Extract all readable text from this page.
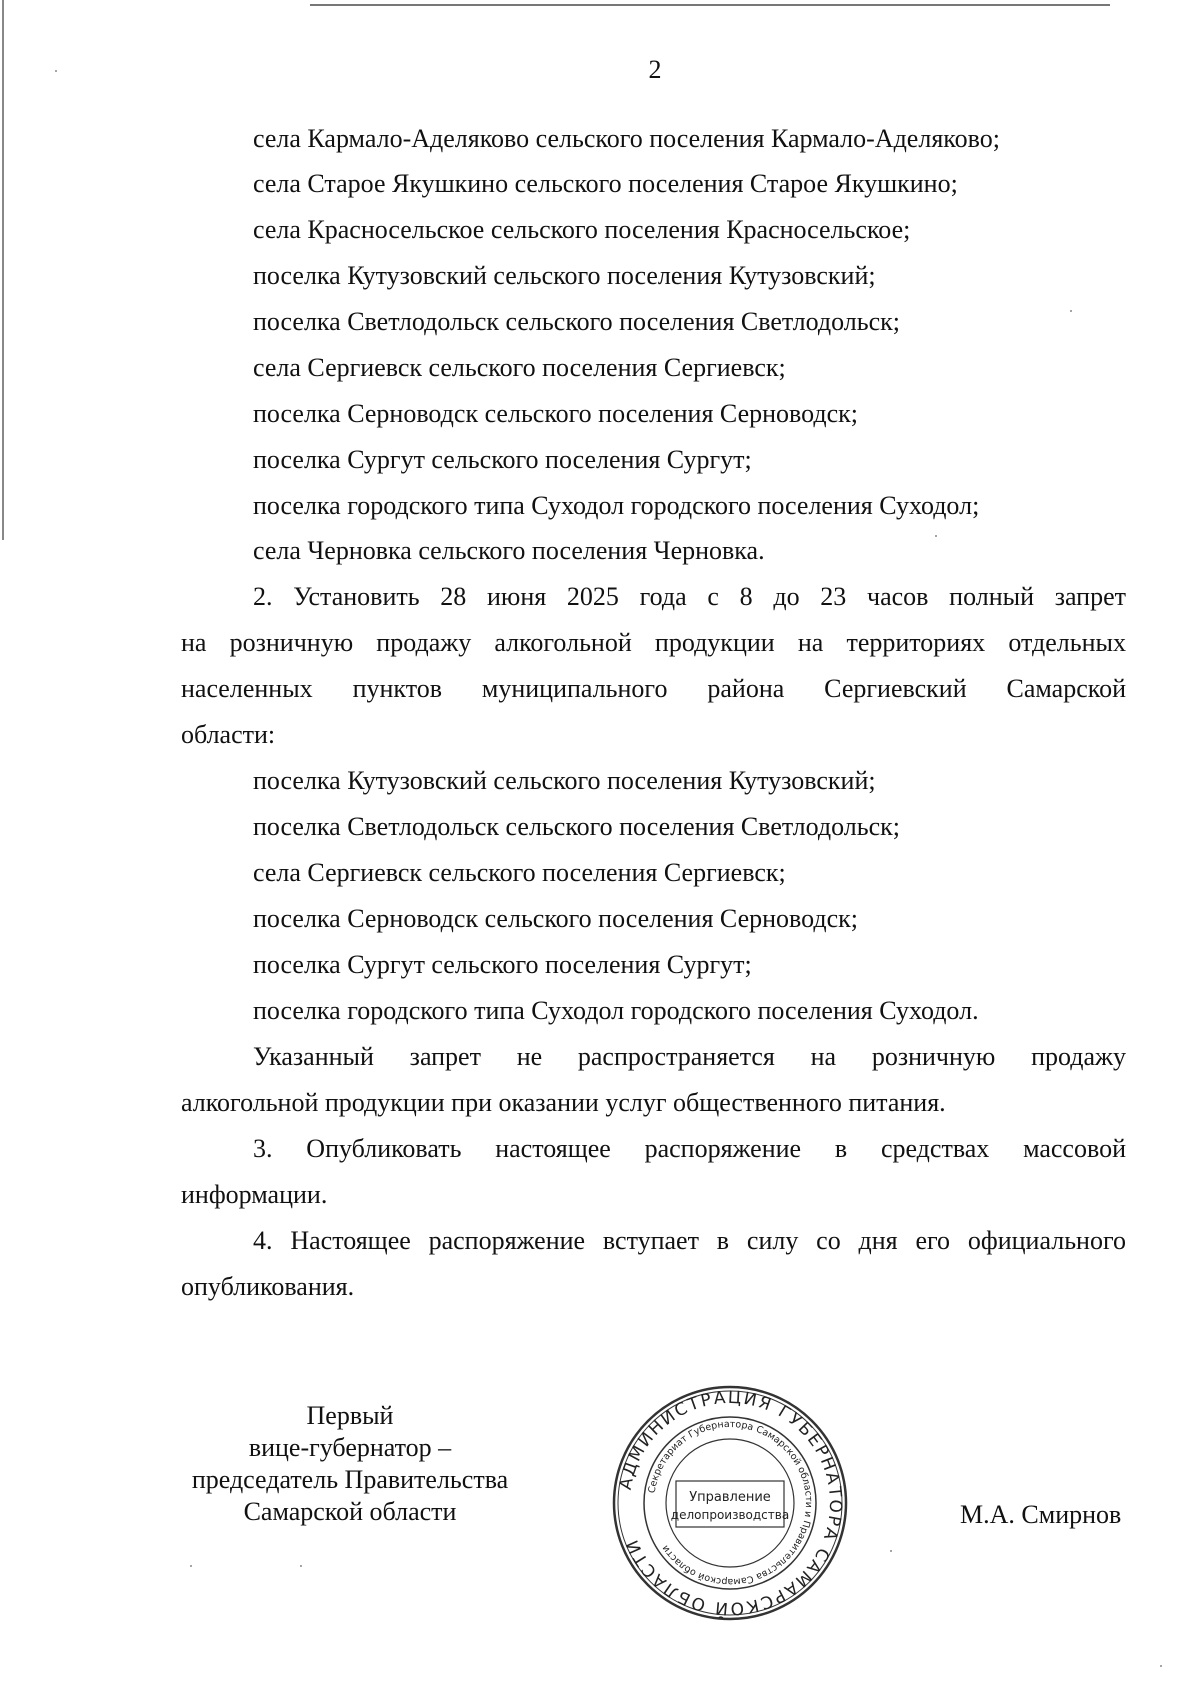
2
села Кармало-Аделяково сельского поселения Кармало-Аделяково;
села Старое Якушкино сельского поселения Старое Якушкино;
села Красносельское сельского поселения Красносельское;
поселка Кутузовский сельского поселения Кутузовский;
поселка Светлодольск сельского поселения Светлодольск;
села Сергиевск сельского поселения Сергиевск;
поселка Серноводск сельского поселения Серноводск;
поселка Сургут сельского поселения Сургут;
поселка городского типа Суходол городского поселения Суходол;
села Черновка сельского поселения Черновка.
2. Установить 28 июня 2025 года с 8 до 23 часов полный запрет
на розничную продажу алкогольной продукции на территориях отдельных
населенных пунктов муниципального района Сергиевский Самарской
области:
поселка Кутузовский сельского поселения Кутузовский;
поселка Светлодольск сельского поселения Светлодольск;
села Сергиевск сельского поселения Сергиевск;
поселка Серноводск сельского поселения Серноводск;
поселка Сургут сельского поселения Сургут;
поселка городского типа Суходол городского поселения Суходол.
Указанный запрет не распространяется на розничную продажу
алкогольной продукции при оказании услуг общественного питания.
3. Опубликовать настоящее распоряжение в средствах массовой
информации.
4. Настоящее распоряжение вступает в силу со дня его официального
опубликования.
Первый
вице-губернатор –
председатель Правительства
Самарской области
АДМИНИСТРАЦИЯ ГУБЕРНАТОРА САМАРСКОЙ ОБЛАСТИ
Секретариат Губернатора Самарской области и Правительства Самарской области
Управление
делопроизводства	М.А. Смирнов
